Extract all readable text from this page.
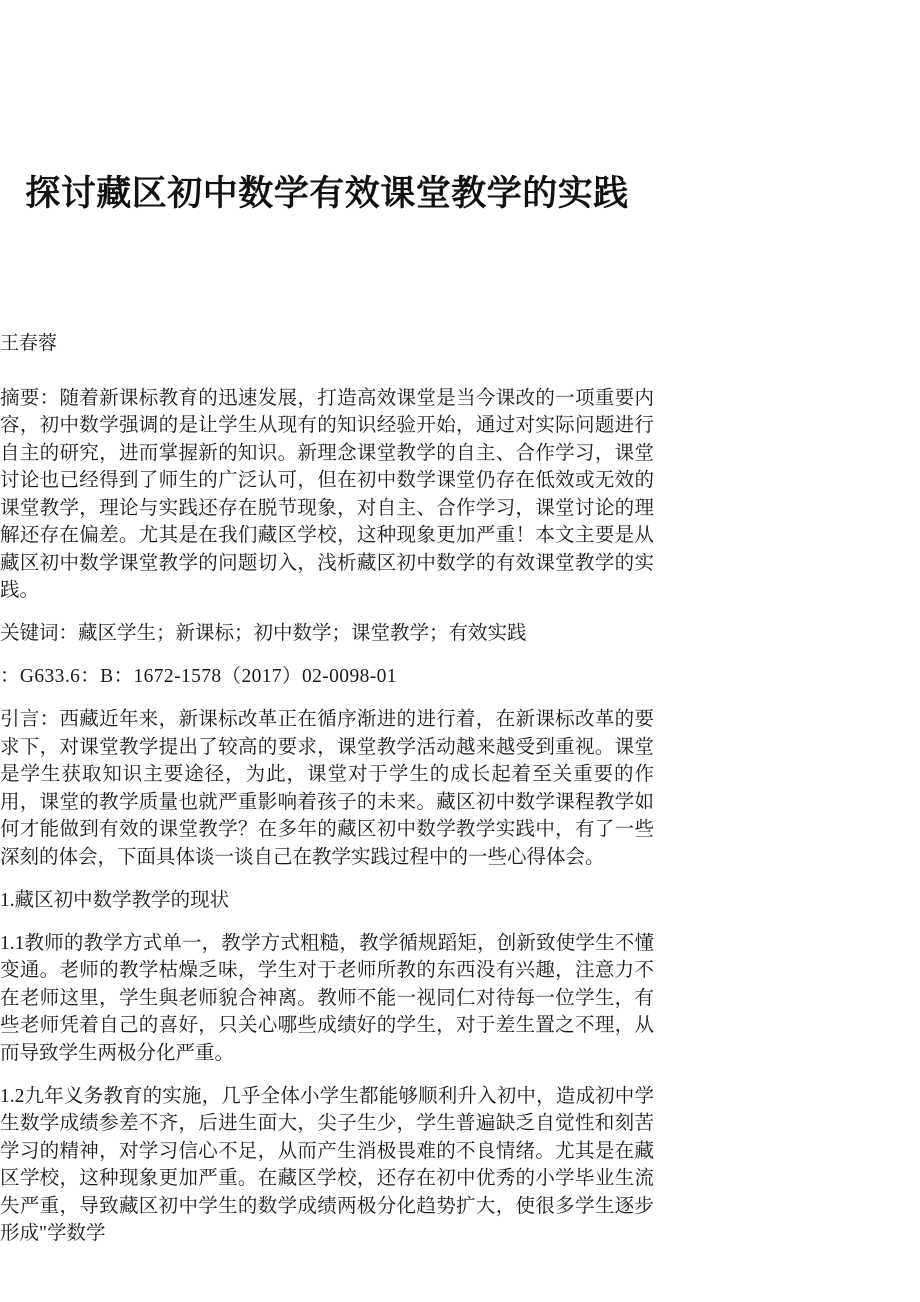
探讨藏区初中数学有效课堂教学的实践
王春蓉

摘要：随着新课标教育的迅速发展，打造高效课堂是当今课改的一项重要内容，初中数学强调的是让学生从现有的知识经验开始，通过对实际问题进行自主的研究，进而掌握新的知识。新理念课堂教学的自主、合作学习，课堂讨论也已经得到了师生的广泛认可，但在初中数学课堂仍存在低效或无效的课堂教学，理论与实践还存在脱节现象，对自主、合作学习，课堂讨论的理解还存在偏差。尤其是在我们藏区学校，这种现象更加严重！本文主要是从藏区初中数学课堂教学的问题切入，浅析藏区初中数学的有效课堂教学的实践。

关键词：藏区学生；新课标；初中数学；课堂教学；有效实践

：G633.6：B：1672-1578（2017）02-0098-01

引言：西藏近年来，新课标改革正在循序渐进的进行着，在新课标改革的要求下，对课堂教学提出了较高的要求，课堂教学活动越来越受到重视。课堂是学生获取知识主要途径，为此，课堂对于学生的成长起着至关重要的作用，课堂的教学质量也就严重影响着孩子的未来。藏区初中数学课程教学如何才能做到有效的课堂教学？在多年的藏区初中数学教学实践中，有了一些深刻的体会，下面具体谈一谈自己在教学实践过程中的一些心得体会。

1.藏区初中数学教学的现状

1.1教师的教学方式单一，教学方式粗糙，教学循规蹈矩，创新致使学生不懂变通。老师的教学枯燥乏味，学生对于老师所教的东西没有兴趣，注意力不在老师这里，学生與老师貌合神离。教师不能一视同仁对待每一位学生，有些老师凭着自己的喜好，只关心哪些成绩好的学生，对于差生置之不理，从而导致学生两极分化严重。

1.2九年义务教育的实施，几乎全体小学生都能够顺利升入初中，造成初中学生数学成绩参差不齐，后进生面大，尖子生少，学生普遍缺乏自觉性和刻苦学习的精神，对学习信心不足，从而产生消极畏难的不良情绪。尤其是在藏区学校，这种现象更加严重。在藏区学校，还存在初中优秀的小学毕业生流失严重，导致藏区初中学生的数学成绩两极分化趋势扩大，使很多学生逐步形成"学数学
